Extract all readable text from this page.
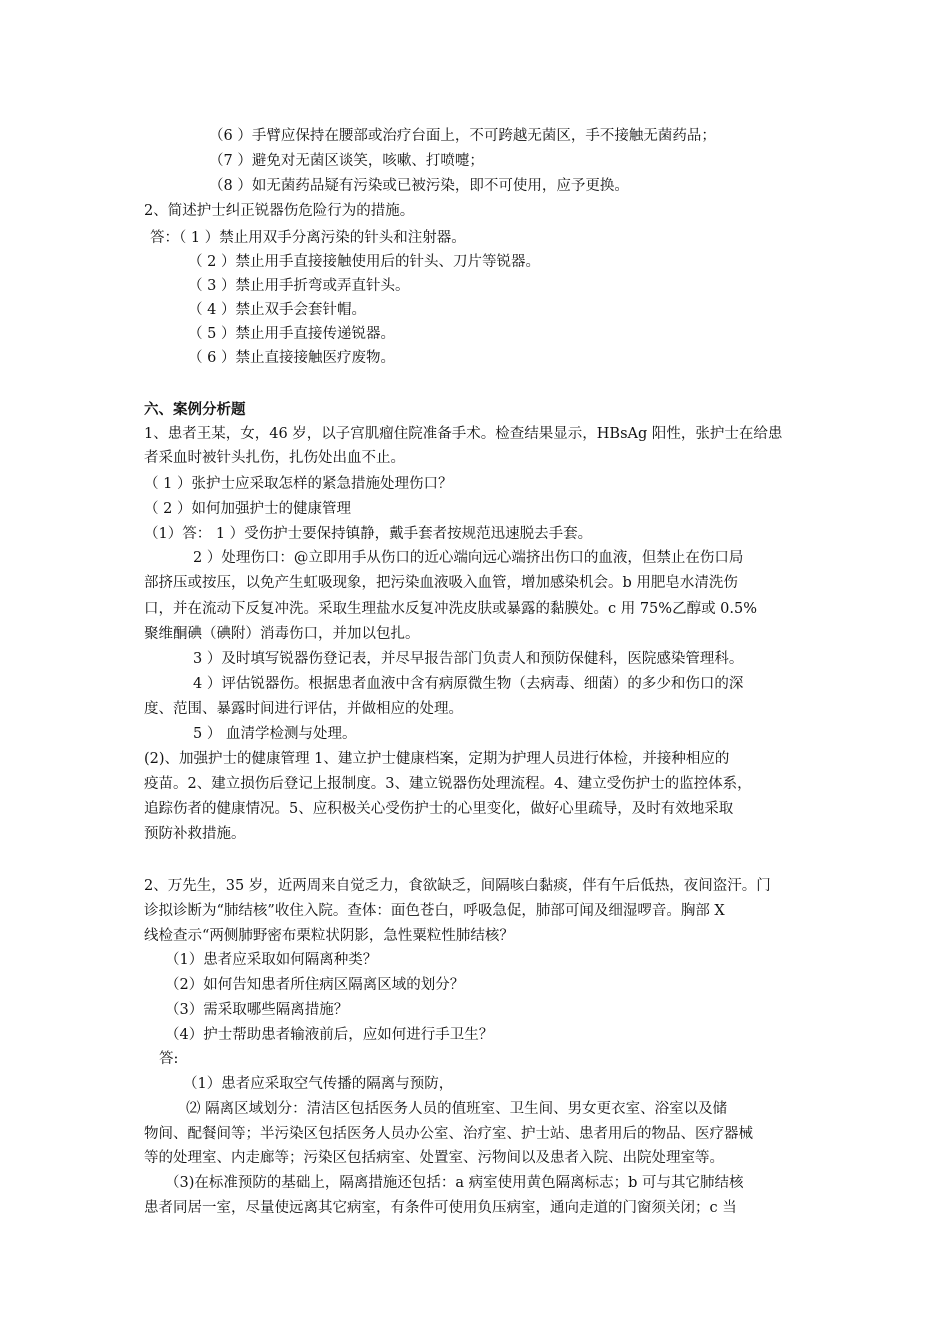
（6 ）手臂应保持在腰部或治疗台面上，不可跨越无菌区，手不接触无菌药品；
（7 ）避免对无菌区谈笑，咳嗽、打喷嚏；
（8 ）如无菌药品疑有污染或已被污染，即不可使用，应予更换。
2、简述护士纠正锐器伤危险行为的措施。
答：（ 1 ）禁止用双手分离污染的针头和注射器。
（ 2 ）禁止用手直接接触使用后的针头、刀片等锐器。
（ 3 ）禁止用手折弯或弄直针头。
（ 4 ）禁止双手会套针帽。
（ 5 ）禁止用手直接传递锐器。
（ 6 ）禁止直接接触医疗废物。
六、案例分析题
1、患者王某，女，46 岁，以子宫肌瘤住院准备手术。检查结果显示，HBsAg 阳性，张护士在给患
者采血时被针头扎伤，扎伤处出血不止。
（ 1 ）张护士应采取怎样的紧急措施处理伤口？
（ 2 ）如何加强护士的健康管理
（1）答： 1 ）受伤护士要保持镇静，戴手套者按规范迅速脱去手套。
2 ）处理伤口：@立即用手从伤口的近心端向远心端挤出伤口的血液，但禁止在伤口局
部挤压或按压，以免产生虹吸现象，把污染血液吸入血管，增加感染机会。b 用肥皂水清洗伤
口，并在流动下反复冲洗。采取生理盐水反复冲洗皮肤或暴露的黏膜处。c 用 75%乙醇或 0.5%
聚维酮碘（碘附）消毒伤口，并加以包扎。
3 ）及时填写锐器伤登记表，并尽早报告部门负责人和预防保健科，医院感染管理科。
4 ）评估锐器伤。根据患者血液中含有病原微生物（去病毒、细菌）的多少和伤口的深
度、范围、暴露时间进行评估，并做相应的处理。
5 ） 血清学检测与处理。
(2)、加强护士的健康管理 1、建立护士健康档案，定期为护理人员进行体检，并接种相应的
疫苗。2、建立损伤后登记上报制度。3、建立锐器伤处理流程。4、建立受伤护士的监控体系，
追踪伤者的健康情况。5、应积极关心受伤护士的心里变化，做好心里疏导，及时有效地采取
预防补救措施。
2、万先生，35 岁，近两周来自觉乏力，食欲缺乏，间隔咳白黏痰，伴有午后低热，夜间盗汗。门
诊拟诊断为“肺结核”收住入院。查体：面色苍白，呼吸急促，肺部可闻及细湿啰音。胸部 X
线检查示“两侧肺野密布栗粒状阴影，急性粟粒性肺结核？
（1）患者应采取如何隔离种类？
（2）如何告知患者所住病区隔离区域的划分？
（3）需采取哪些隔离措施？
（4）护士帮助患者输液前后，应如何进行手卫生？
答:
（1）患者应采取空气传播的隔离与预防，
⑵ 隔离区域划分：清洁区包括医务人员的值班室、卫生间、男女更衣室、浴室以及储
物间、配餐间等；半污染区包括医务人员办公室、治疗室、护士站、患者用后的物品、医疗器械
等的处理室、内走廊等；污染区包括病室、处置室、污物间以及患者入院、出院处理室等。
（3)在标准预防的基础上，隔离措施还包括：a 病室使用黄色隔离标志；b 可与其它肺结核
患者同居一室，尽量使远离其它病室，有条件可使用负压病室，通向走道的门窗须关闭；c 当
